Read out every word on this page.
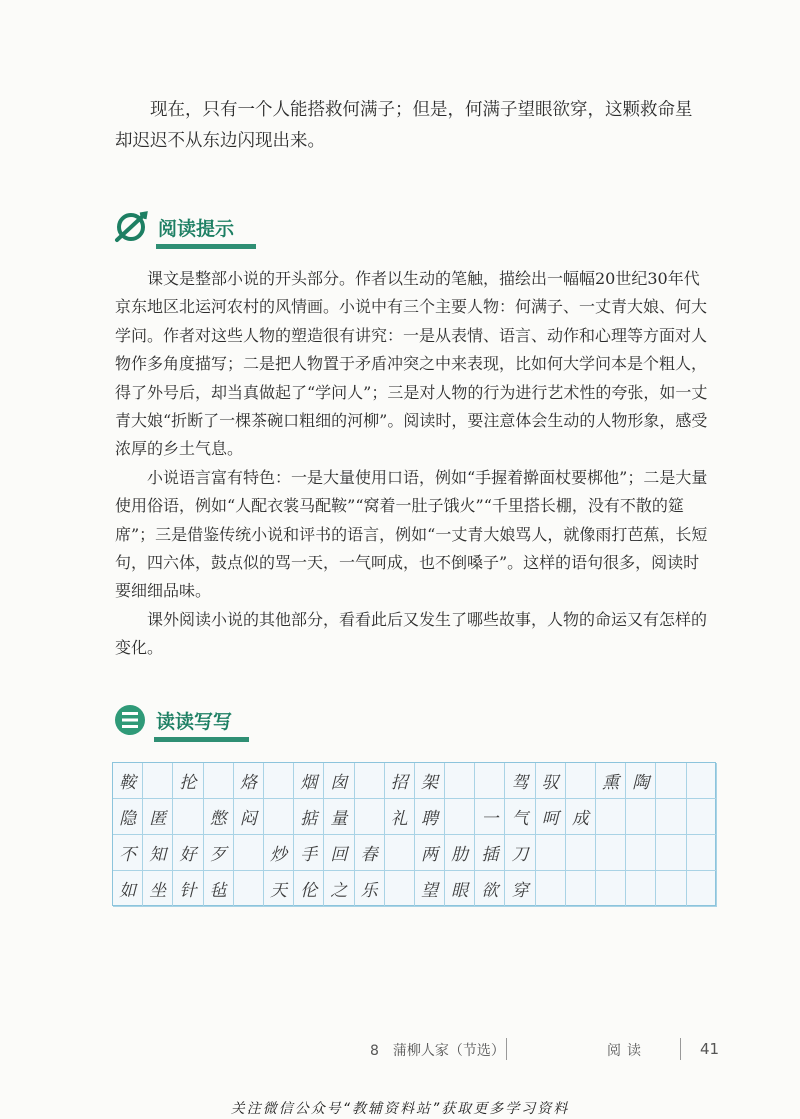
现在，只有一个人能搭救何满子；但是，何满子望眼欲穿，这颗救命星却迟迟不从东边闪现出来。

阅读提示

课文是整部小说的开头部分。作者以生动的笔触，描绘出一幅幅20世纪30年代京东地区北运河农村的风情画。小说中有三个主要人物：何满子、一丈青大娘、何大学问。作者对这些人物的塑造很有讲究：一是从表情、语言、动作和心理等方面对人物作多角度描写；二是把人物置于矛盾冲突之中来表现，比如何大学问本是个粗人，得了外号后，却当真做起了“学问人”；三是对人物的行为进行艺术性的夸张，如一丈青大娘“折断了一棵茶碗口粗细的河柳”。阅读时，要注意体会生动的人物形象，感受浓厚的乡土气息。

小说语言富有特色：一是大量使用口语，例如“手握着擀面杖要梆他”；二是大量使用俗语，例如“人配衣裳马配鞍”“窝着一肚子饿火”“千里搭长棚，没有不散的筵席”；三是借鉴传统小说和评书的语言，例如“一丈青大娘骂人，就像雨打芭蕉，长短句，四六体，鼓点似的骂一天，一气呵成，也不倒嗓子”。这样的语句很多，阅读时要细细品味。

课外阅读小说的其他部分，看看此后又发生了哪些故事，人物的命运又有怎样的变化。

读读写写
鞍	抡	烙	烟 囱	招 架	驾 驭	熏 陶
隐 匿	憋 闷	掂 量	礼 聘	一 气 呵 成
不 知 好 歹	炒 手 回 春	两 肋 插 刀
如 坐 针 毡	天 伦 之 乐	望 眼 欲 穿
8　蒲柳人家（节选）	阅读	41
关注微信公众号“教辅资料站”获取更多学习资料
